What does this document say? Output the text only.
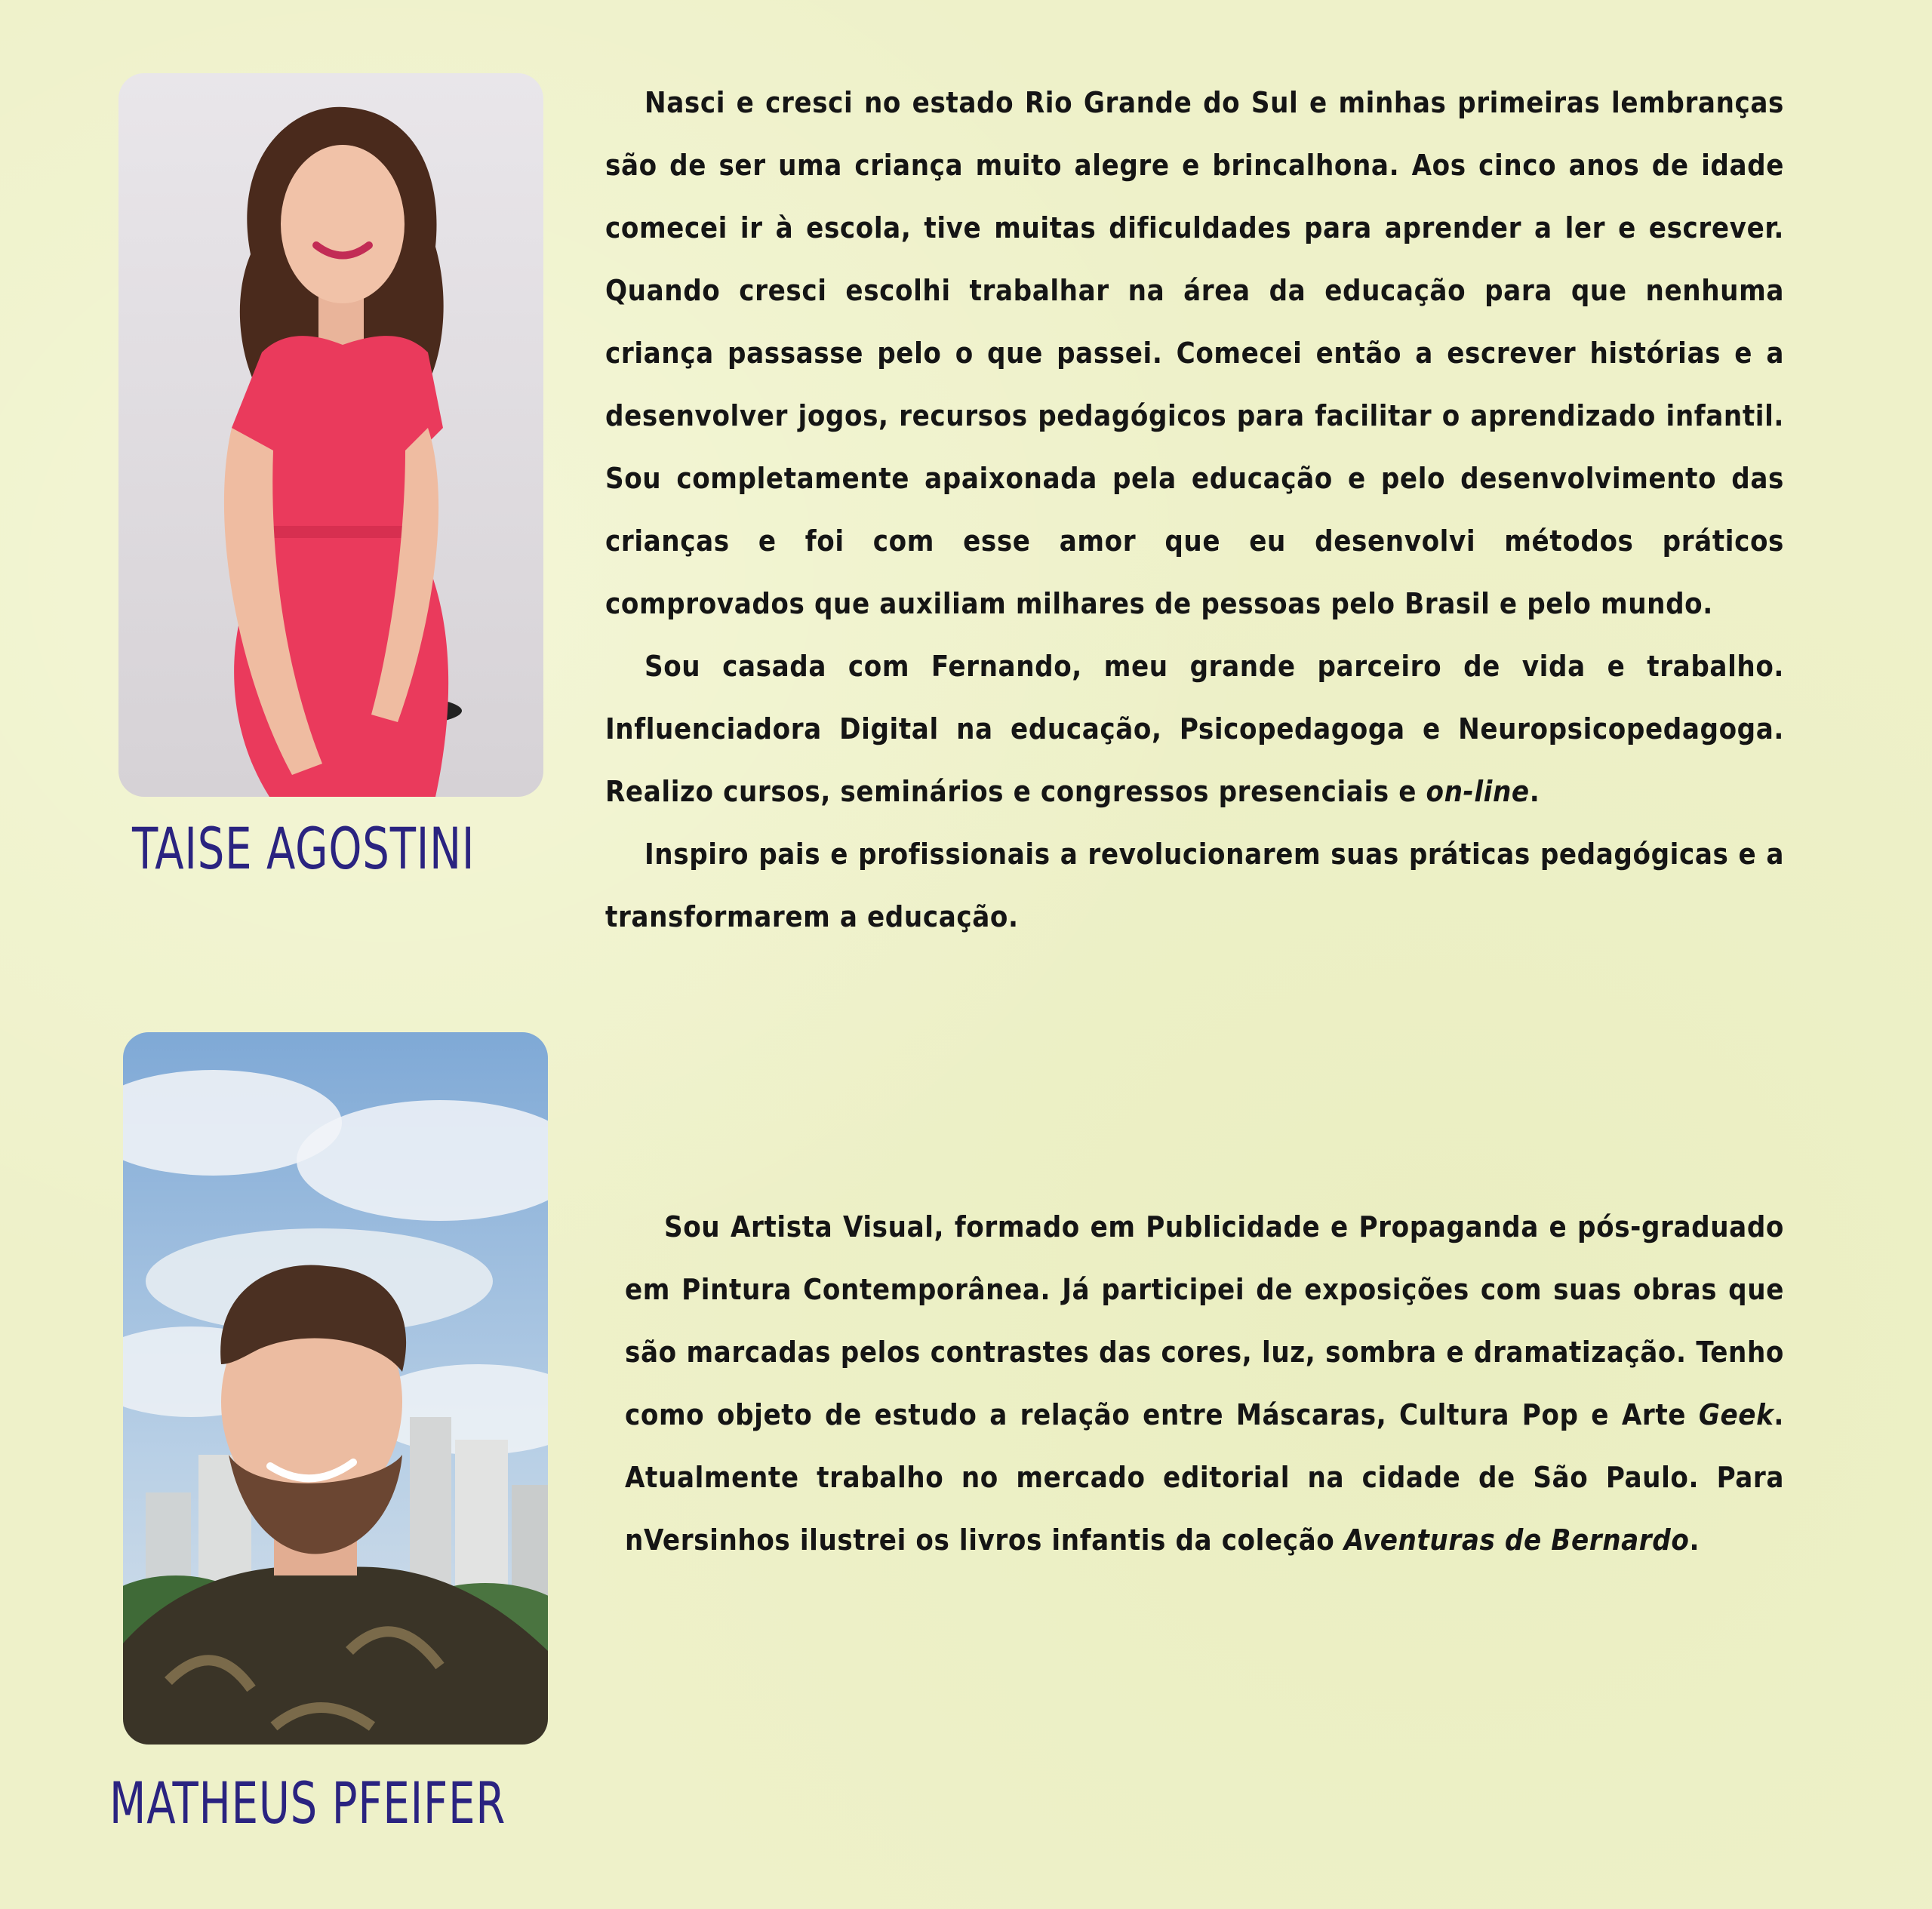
TAISE AGOSTINI

Nasci e cresci no estado Rio Grande do Sul e minhas primeiras lembranças são de ser uma criança muito alegre e brincalhona. Aos cinco anos de idade comecei ir à escola, tive muitas dificuldades para aprender a ler e escrever. Quando cresci escolhi trabalhar na área da educação para que nenhuma criança passasse pelo o que passei. Comecei então a escrever histórias e a desenvolver jogos, recursos pedagógicos para facilitar o aprendizado infantil. Sou completamente apaixonada pela educação e pelo desenvolvimento das crianças e foi com esse amor que eu desenvolvi métodos práticos comprovados que auxiliam milhares de pessoas pelo Brasil e pelo mundo.

Sou casada com Fernando, meu grande parceiro de vida e trabalho. Influenciadora Digital na educação, Psicopedagoga e Neuropsicopedagoga. Realizo cursos, seminários e congressos presenciais e on-line.

Inspiro pais e profissionais a revolucionarem suas práticas pedagógicas e a transformarem a educação.

MATHEUS PFEIFER

Sou Artista Visual, formado em Publicidade e Propaganda e pós-graduado em Pintura Contemporânea. Já participei de exposições com suas obras que são marcadas pelos contrastes das cores, luz, sombra e dramatização. Tenho como objeto de estudo a relação entre Máscaras, Cultura Pop e Arte Geek. Atualmente trabalho no mercado editorial na cidade de São Paulo. Para nVersinhos ilustrei os livros infantis da coleção Aventuras de Bernardo.
